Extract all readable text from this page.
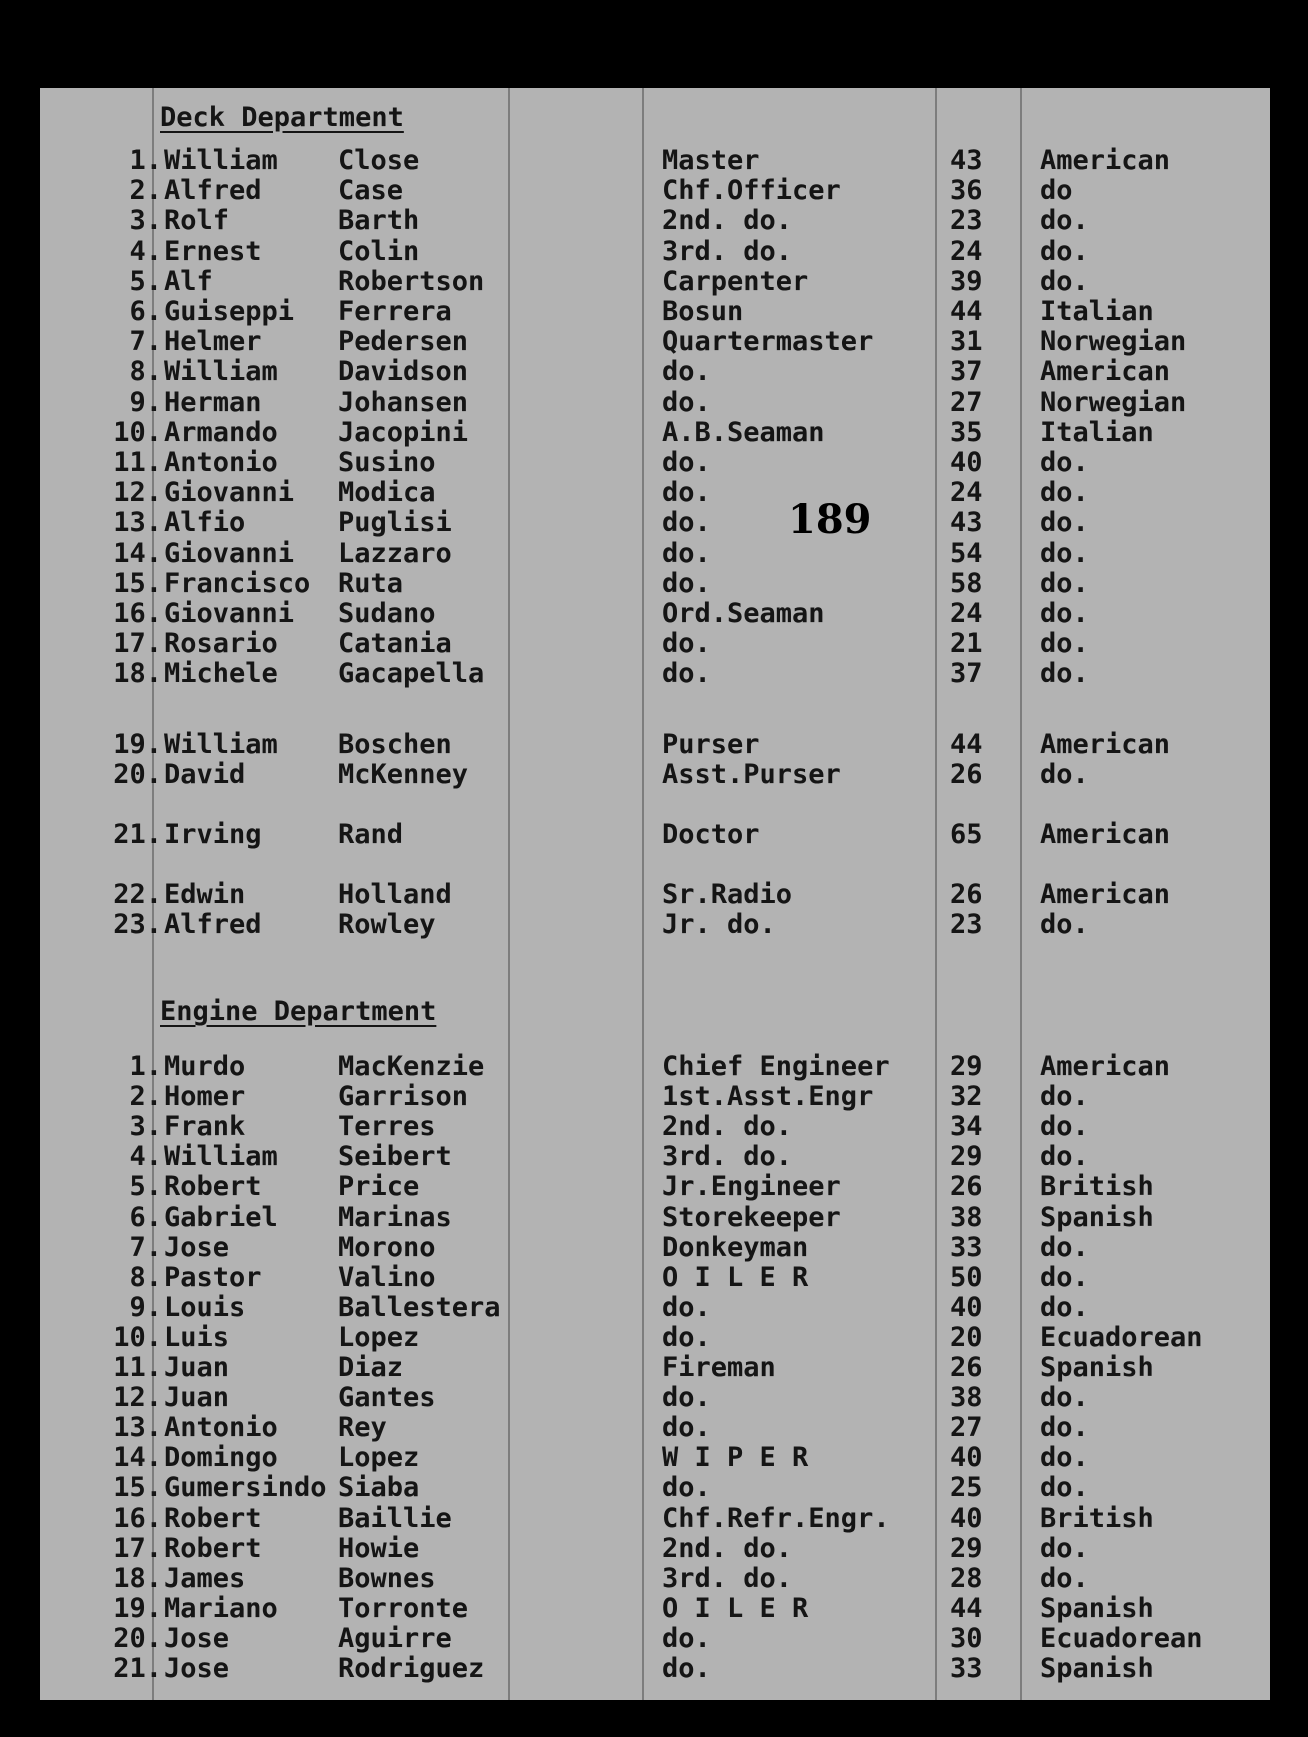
Deck Department
Engine Department
189
1. William Close	Master	43 American
2. Alfred	Case	Chf.Officer	36 do
3. Rolf	Barth	2nd. do.	23 do.
4. Ernest	Colin	3rd. do.	24 do.
5. Alf	Robertson	Carpenter	39 do.
6. Guiseppi Ferrera	Bosun	44 Italian
7. Helmer	Pedersen	Quartermaster	31 Norwegian
8. William Davidson	do.	37 American
9. Herman	Johansen	do.	27 Norwegian
10. Armando Jacopini	A.B.Seaman	35 Italian
11. Antonio Susino	do.	40 do.
12. Giovanni Modica	do.	24 do.
13. Alfio	Puglisi	do.	43 do.
14. Giovanni Lazzaro	do.	54 do.
15. Francisco Ruta	do.	58 do.
16. Giovanni Sudano	Ord.Seaman	24 do.
17. Rosario Catania	do.	21 do.
18. Michele Gacapella	do.	37 do.
19. William Boschen	Purser	44 American
20. David	McKenney	Asst.Purser	26 do.
21. Irving	Rand	Doctor	65 American
22. Edwin	Holland	Sr.Radio	26 American
23. Alfred	Rowley	Jr. do.	23 do.
1. Murdo	MacKenzie	Chief Engineer 29 American
2. Homer	Garrison	1st.Asst.Engr	32 do.
3. Frank	Terres	2nd. do.	34 do.
4. William Seibert	3rd. do.	29 do.
5. Robert	Price	Jr.Engineer	26 British
6. Gabriel Marinas	Storekeeper	38 Spanish
7. Jose	Morono	Donkeyman	33 do.
8. Pastor	Valino	O I L E R	50 do.
9. Louis	Ballestera	do.	40 do.
10. Luis	Lopez	do.	20 Ecuadorean
11. Juan	Diaz	Fireman	26 Spanish
12. Juan	Gantes	do.	38 do.
13. Antonio Rey	do.	27 do.
14. Domingo Lopez	W I P E R	40 do.
15. Gumersindo Siaba	do.	25 do.
16. Robert	Baillie	Chf.Refr.Engr. 40 British
17. Robert	Howie	2nd. do.	29 do.
18. James	Bownes	3rd. do.	28 do.
19. Mariano Torronte	O I L E R	44 Spanish
20. Jose	Aguirre	do.	30 Ecuadorean
21. Jose	Rodriguez	do.	33 Spanish
